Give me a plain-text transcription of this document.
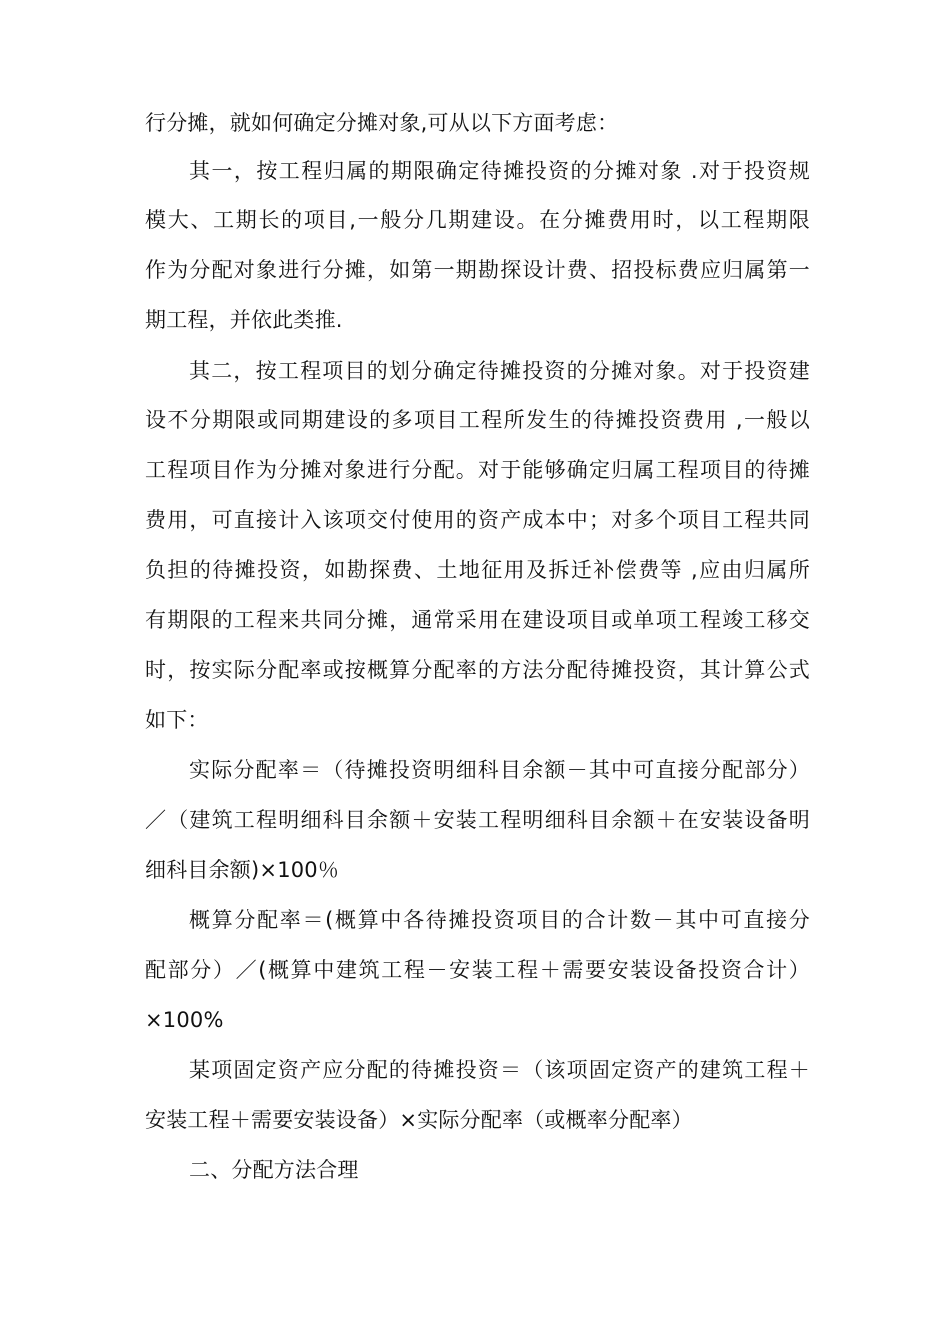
行分摊，就如何确定分摊对象,可从以下方面考虑：
其一，按工程归属的期限确定待摊投资的分摊对象 .对于投资规
模大、工期长的项目,一般分几期建设。在分摊费用时，以工程期限
作为分配对象进行分摊，如第一期勘探设计费、招投标费应归属第一
期工程，并依此类推.
其二，按工程项目的划分确定待摊投资的分摊对象。对于投资建
设不分期限或同期建设的多项目工程所发生的待摊投资费用 ,一般以
工程项目作为分摊对象进行分配。对于能够确定归属工程项目的待摊
费用，可直接计入该项交付使用的资产成本中；对多个项目工程共同
负担的待摊投资，如勘探费、土地征用及拆迁补偿费等 ,应由归属所
有期限的工程来共同分摊，通常采用在建设项目或单项工程竣工移交
时，按实际分配率或按概算分配率的方法分配待摊投资，其计算公式
如下：
实际分配率＝（待摊投资明细科目余额－其中可直接分配部分）
／（建筑工程明细科目余额＋安装工程明细科目余额＋在安装设备明
细科目余额)×100％
概算分配率＝(概算中各待摊投资项目的合计数－其中可直接分
配部分）／(概算中建筑工程－安装工程＋需要安装设备投资合计）
×100%
某项固定资产应分配的待摊投资＝（该项固定资产的建筑工程＋
安装工程＋需要安装设备）×实际分配率（或概率分配率）
二、分配方法合理
